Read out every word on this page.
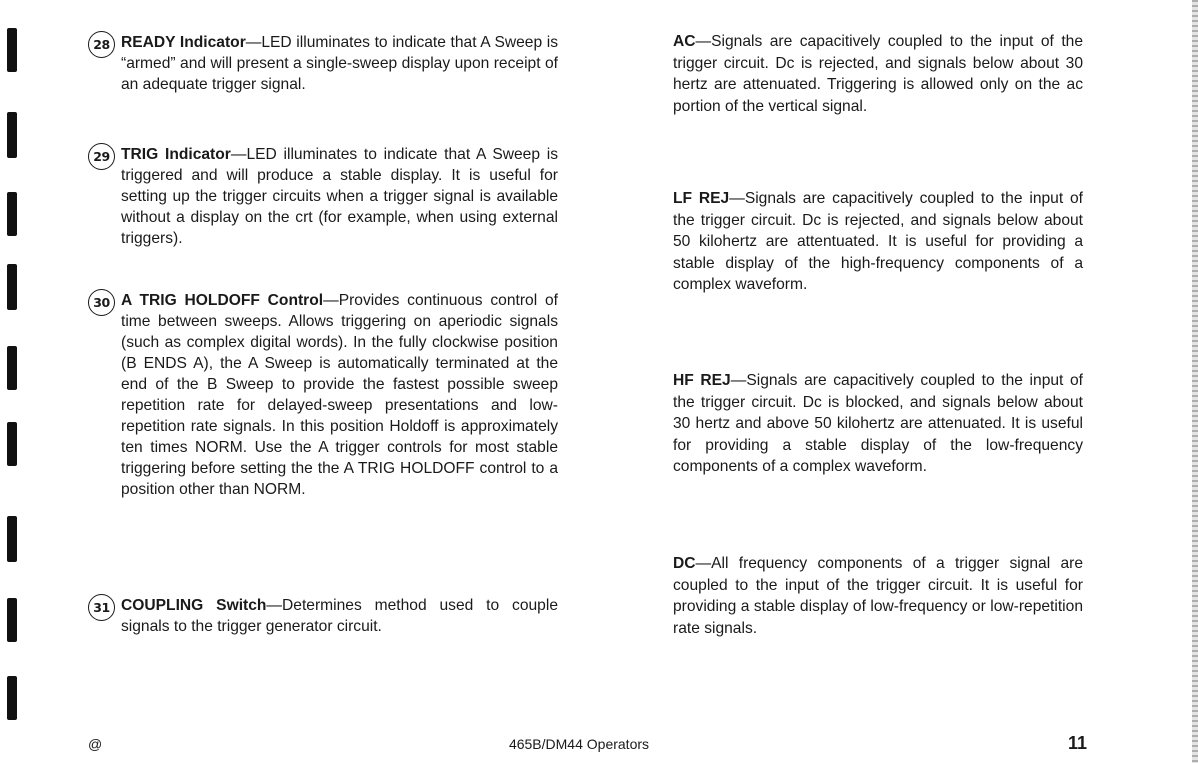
28 READY Indicator—LED illuminates to indicate that A Sweep is “armed” and will present a single-sweep display upon receipt of an adequate trigger signal.
29 TRIG Indicator—LED illuminates to indicate that A Sweep is triggered and will produce a stable display. It is useful for setting up the trigger circuits when a trigger signal is available without a display on the crt (for example, when using external triggers).
30 A TRIG HOLDOFF Control—Provides continuous control of time between sweeps. Allows triggering on aperiodic signals (such as complex digital words). In the fully clockwise position (B ENDS A), the A Sweep is automatically terminated at the end of the B Sweep to provide the fastest possible sweep repetition rate for delayed-sweep presentations and low-repetition rate signals. In this position Holdoff is approximately ten times NORM. Use the A trigger controls for most stable triggering before setting the the A TRIG HOLDOFF control to a position other than NORM.
31 COUPLING Switch—Determines method used to couple signals to the trigger generator circuit.
AC—Signals are capacitively coupled to the input of the trigger circuit. Dc is rejected, and signals below about 30 hertz are attenuated. Triggering is allowed only on the ac portion of the vertical signal.
LF REJ—Signals are capacitively coupled to the input of the trigger circuit. Dc is rejected, and signals below about 50 kilohertz are attentuated. It is useful for providing a stable display of the high-frequency components of a complex waveform.
HF REJ—Signals are capacitively coupled to the input of the trigger circuit. Dc is blocked, and signals below about 30 hertz and above 50 kilohertz are attenuated. It is useful for providing a stable display of the low-frequency components of a complex waveform.
DC—All frequency components of a trigger signal are coupled to the input of the trigger circuit. It is useful for providing a stable display of low-frequency or low-repetition rate signals.
@	465B/DM44 Operators	11
